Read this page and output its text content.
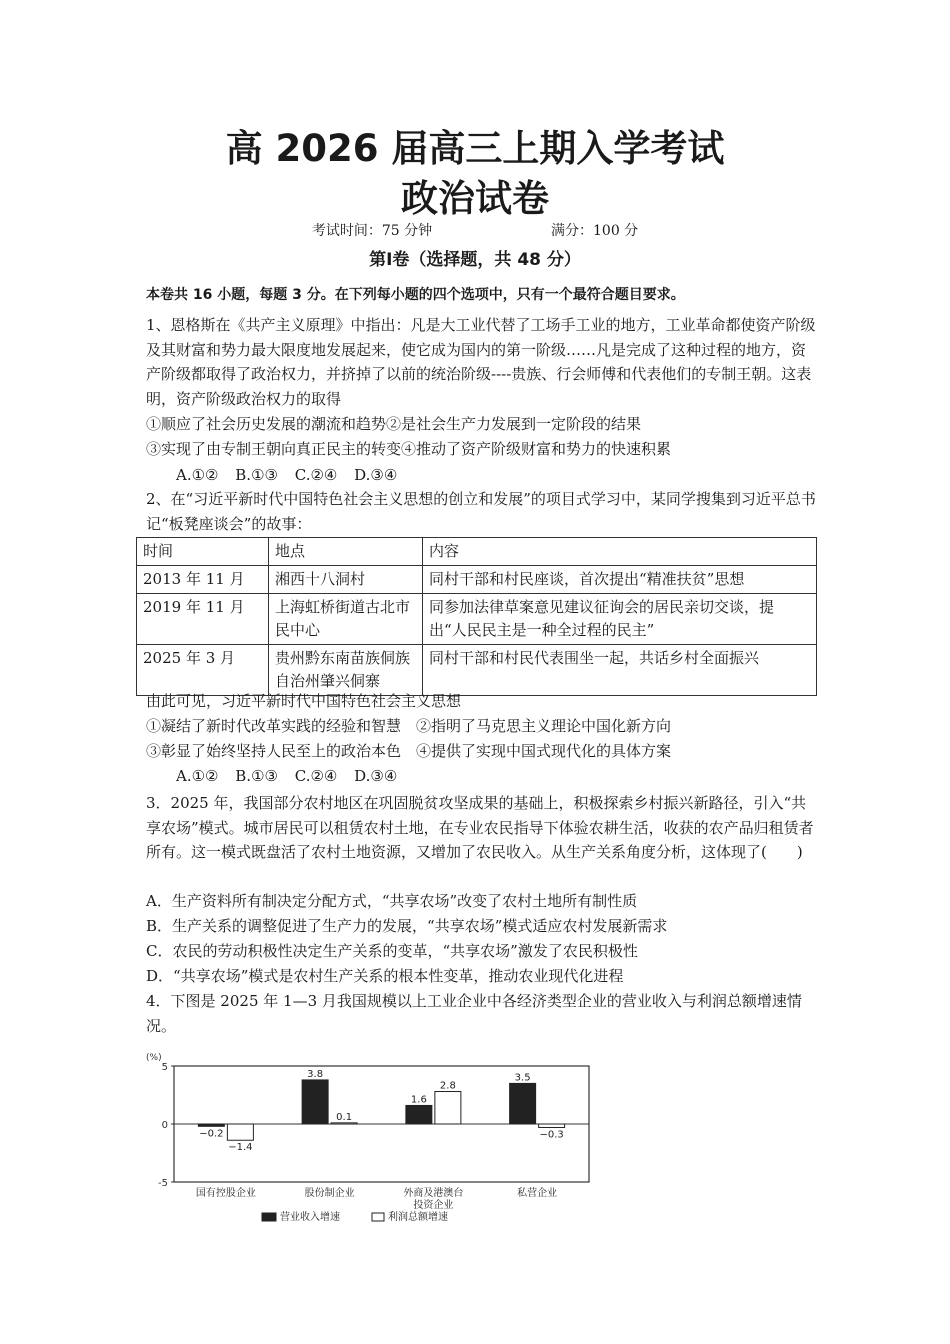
高 2026 届高三上期入学考试
政治试卷
考试时间：75 分钟	满分：100 分
第Ⅰ卷（选择题，共 48 分）
本卷共 16 小题，每题 3 分。在下列每小题的四个选项中，只有一个最符合题目要求。
1、恩格斯在《共产主义原理》中指出：凡是大工业代替了工场手工业的地方，工业革命都使资产阶级及其财富和势力最大限度地发展起来，使它成为国内的第一阶级……凡是完成了这种过程的地方，资产阶级都取得了政治权力，并挤掉了以前的统治阶级----贵族、行会师傅和代表他们的专制王朝。这表明，资产阶级政治权力的取得
①顺应了社会历史发展的潮流和趋势②是社会生产力发展到一定阶段的结果
③实现了由专制王朝向真正民主的转变④推动了资产阶级财富和势力的快速积累
A.①② B.①③ C.②④ D.③④
2、在“习近平新时代中国特色社会主义思想的创立和发展”的项目式学习中，某同学搜集到习近平总书记“板凳座谈会”的故事：
时间	地点	内容
2013 年 11 月	湘西十八洞村	同村干部和村民座谈，首次提出“精准扶贫”思想
2019 年 11 月	上海虹桥街道古北市民中心	同参加法律草案意见建议征询会的居民亲切交谈，提出“人民民主是一种全过程的民主”
2025 年 3 月	贵州黔东南苗族侗族自治州肇兴侗寨	同村干部和村民代表围坐一起，共话乡村全面振兴
由此可见，习近平新时代中国特色社会主义思想
①凝结了新时代改革实践的经验和智慧　②指明了马克思主义理论中国化新方向
③彰显了始终坚持人民至上的政治本色　④提供了实现中国式现代化的具体方案
A.①② B.①③ C.②④ D.③④
3．2025 年，我国部分农村地区在巩固脱贫攻坚成果的基础上，积极探索乡村振兴新路径，引入“共享农场”模式。城市居民可以租赁农村土地，在专业农民指导下体验农耕生活，收获的农产品归租赁者所有。这一模式既盘活了农村土地资源，又增加了农民收入。从生产关系角度分析，这体现了(　　)
A．生产资料所有制决定分配方式，“共享农场”改变了农村土地所有制性质
B．生产关系的调整促进了生产力的发展，“共享农场”模式适应农村发展新需求
C．农民的劳动积极性决定生产关系的变革，“共享农场”激发了农民积极性
D．“共享农场”模式是农村生产关系的根本性变革，推动农业现代化进程
4．下图是 2025 年 1—3 月我国规模以上工业企业中各经济类型企业的营业收入与利润总额增速情况。
(%)
5
0
-5
−0.2
−1.4
国有控股企业
3.8
0.1
股份制企业
1.6
2.8
外商及港澳台
投资企业
3.5
−0.3
私营企业
营业收入增速	利润总额增速
